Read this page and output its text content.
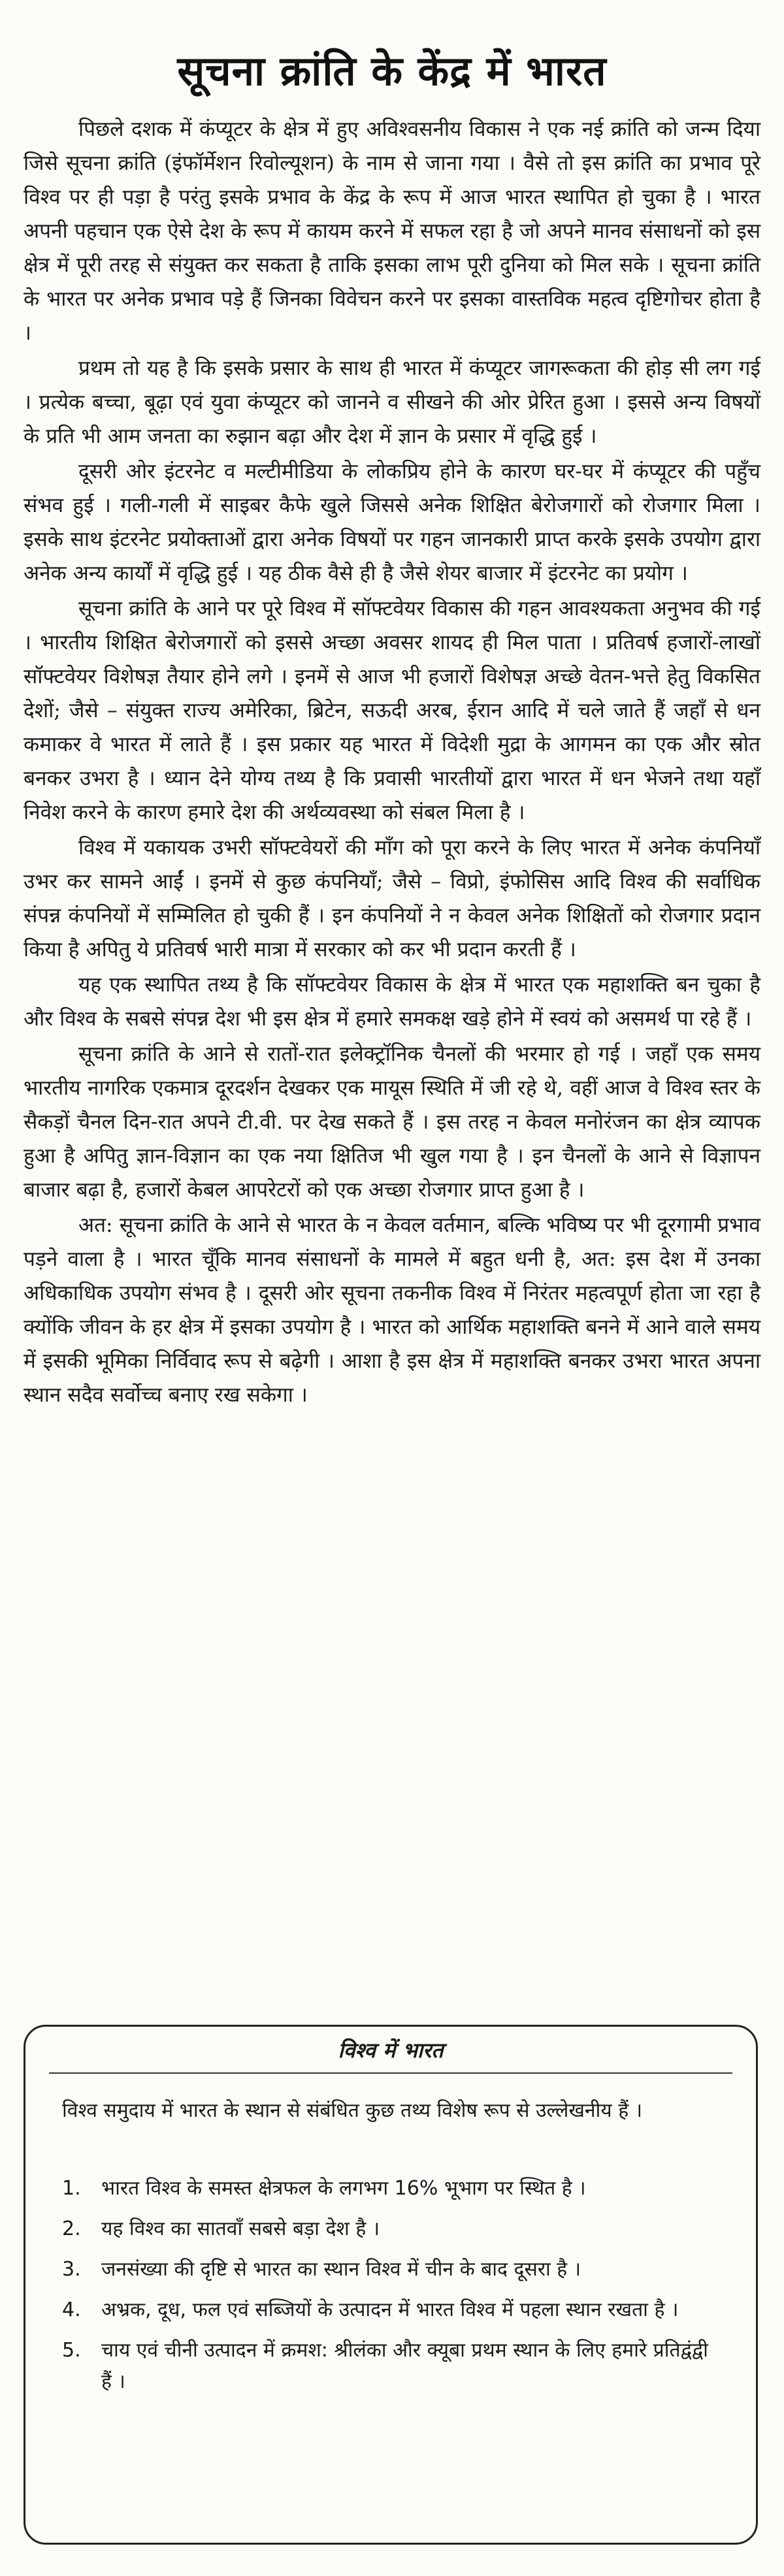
सूचना क्रांति के केंद्र में भारत

पिछले दशक में कंप्यूटर के क्षेत्र में हुए अविश्वसनीय विकास ने एक नई क्रांति को जन्म दिया जिसे सूचना क्रांति (इंफॉर्मेशन रिवोल्यूशन) के नाम से जाना गया । वैसे तो इस क्रांति का प्रभाव पूरे विश्व पर ही पड़ा है परंतु इसके प्रभाव के केंद्र के रूप में आज भारत स्थापित हो चुका है । भारत अपनी पहचान एक ऐसे देश के रूप में कायम करने में सफल रहा है जो अपने मानव संसाधनों को इस क्षेत्र में पूरी तरह से संयुक्त कर सकता है ताकि इसका लाभ पूरी दुनिया को मिल सके । सूचना क्रांति के भारत पर अनेक प्रभाव पड़े हैं जिनका विवेचन करने पर इसका वास्तविक महत्व दृष्टिगोचर होता है ।

प्रथम तो यह है कि इसके प्रसार के साथ ही भारत में कंप्यूटर जागरूकता की होड़ सी लग गई । प्रत्येक बच्चा, बूढ़ा एवं युवा कंप्यूटर को जानने व सीखने की ओर प्रेरित हुआ । इससे अन्य विषयों के प्रति भी आम जनता का रुझान बढ़ा और देश में ज्ञान के प्रसार में वृद्धि हुई ।

दूसरी ओर इंटरनेट व मल्टीमीडिया के लोकप्रिय होने के कारण घर-घर में कंप्यूटर की पहुँच संभव हुई । गली-गली में साइबर कैफे खुले जिससे अनेक शिक्षित बेरोजगारों को रोजगार मिला । इसके साथ इंटरनेट प्रयोक्ताओं द्वारा अनेक विषयों पर गहन जानकारी प्राप्त करके इसके उपयोग द्वारा अनेक अन्य कार्यों में वृद्धि हुई । यह ठीक वैसे ही है जैसे शेयर बाजार में इंटरनेट का प्रयोग ।

सूचना क्रांति के आने पर पूरे विश्व में सॉफ्टवेयर विकास की गहन आवश्यकता अनुभव की गई । भारतीय शिक्षित बेरोजगारों को इससे अच्छा अवसर शायद ही मिल पाता । प्रतिवर्ष हजारों-लाखों सॉफ्टवेयर विशेषज्ञ तैयार होने लगे । इनमें से आज भी हजारों विशेषज्ञ अच्छे वेतन-भत्ते हेतु विकसित देशों; जैसे – संयुक्त राज्य अमेरिका, ब्रिटेन, सऊदी अरब, ईरान आदि में चले जाते हैं जहाँ से धन कमाकर वे भारत में लाते हैं । इस प्रकार यह भारत में विदेशी मुद्रा के आगमन का एक और स्रोत बनकर उभरा है । ध्यान देने योग्य तथ्य है कि प्रवासी भारतीयों द्वारा भारत में धन भेजने तथा यहाँ निवेश करने के कारण हमारे देश की अर्थव्यवस्था को संबल मिला है ।

विश्व में यकायक उभरी सॉफ्टवेयरों की माँग को पूरा करने के लिए भारत में अनेक कंपनियाँ उभर कर सामने आईं । इनमें से कुछ कंपनियाँ; जैसे – विप्रो, इंफोसिस आदि विश्व की सर्वाधिक संपन्न कंपनियों में सम्मिलित हो चुकी हैं । इन कंपनियों ने न केवल अनेक शिक्षितों को रोजगार प्रदान किया है अपितु ये प्रतिवर्ष भारी मात्रा में सरकार को कर भी प्रदान करती हैं ।

यह एक स्थापित तथ्य है कि सॉफ्टवेयर विकास के क्षेत्र में भारत एक महाशक्ति बन चुका है और विश्व के सबसे संपन्न देश भी इस क्षेत्र में हमारे समकक्ष खड़े होने में स्वयं को असमर्थ पा रहे हैं ।

सूचना क्रांति के आने से रातों-रात इलेक्ट्रॉनिक चैनलों की भरमार हो गई । जहाँ एक समय भारतीय नागरिक एकमात्र दूरदर्शन देखकर एक मायूस स्थिति में जी रहे थे, वहीं आज वे विश्व स्तर के सैकड़ों चैनल दिन-रात अपने टी.वी. पर देख सकते हैं । इस तरह न केवल मनोरंजन का क्षेत्र व्यापक हुआ है अपितु ज्ञान-विज्ञान का एक नया क्षितिज भी खुल गया है । इन चैनलों के आने से विज्ञापन बाजार बढ़ा है, हजारों केबल आपरेटरों को एक अच्छा रोजगार प्राप्त हुआ है ।

अत: सूचना क्रांति के आने से भारत के न केवल वर्तमान, बल्कि भविष्य पर भी दूरगामी प्रभाव पड़ने वाला है । भारत चूँकि मानव संसाधनों के मामले में बहुत धनी है, अत: इस देश में उनका अधिकाधिक उपयोग संभव है । दूसरी ओर सूचना तकनीक विश्व में निरंतर महत्वपूर्ण होता जा रहा है क्योंकि जीवन के हर क्षेत्र में इसका उपयोग है । भारत को आर्थिक महाशक्ति बनने में आने वाले समय में इसकी भूमिका निर्विवाद रूप से बढ़ेगी । आशा है इस क्षेत्र में महाशक्ति बनकर उभरा भारत अपना स्थान सदैव सर्वोच्च बनाए रख सकेगा ।

विश्व में भारत
विश्व समुदाय में भारत के स्थान से संबंधित कुछ तथ्य विशेष रूप से उल्लेखनीय हैं ।
1. भारत विश्व के समस्त क्षेत्रफल के लगभग 16% भूभाग पर स्थित है ।
2. यह विश्व का सातवाँ सबसे बड़ा देश है ।
3. जनसंख्या की दृष्टि से भारत का स्थान विश्व में चीन के बाद दूसरा है ।
4. अभ्रक, दूध, फल एवं सब्जियों के उत्पादन में भारत विश्व में पहला स्थान रखता है ।
5. चाय एवं चीनी उत्पादन में क्रमश: श्रीलंका और क्यूबा प्रथम स्थान के लिए हमारे प्रतिद्वंद्वी हैं ।
